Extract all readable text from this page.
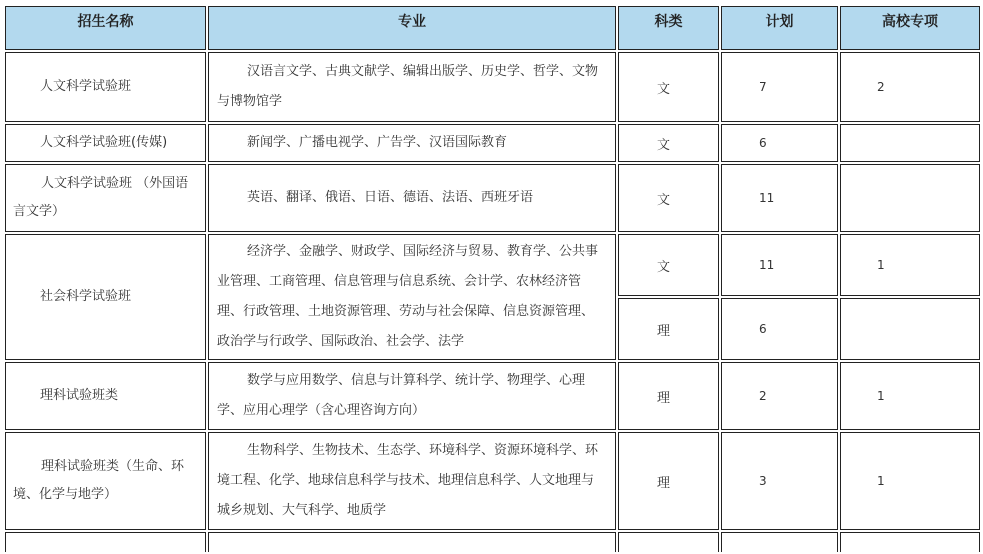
招生名称	专业	科类	计划	高校专项
人文科学试验班	汉语言文学、古典文献学、编辑出版学、历史学、哲学、文物与博物馆学	文	7	2
人文科学试验班(传媒)	新闻学、广播电视学、广告学、汉语国际教育	文	6	
人文科学试验班 （外国语言文学）	英语、翻译、俄语、日语、德语、法语、西班牙语	文	11	
社会科学试验班	经济学、金融学、财政学、国际经济与贸易、教育学、公共事业管理、工商管理、信息管理与信息系统、会计学、农林经济管理、行政管理、土地资源管理、劳动与社会保障、信息资源管理、政治学与行政学、国际政治、社会学、法学	文	11	1
		理	6	
理科试验班类	数学与应用数学、信息与计算科学、统计学、物理学、心理学、应用心理学（含心理咨询方向）	理	2	1
理科试验班类（生命、环境、化学与地学）	生物科学、生物技术、生态学、环境科学、资源环境科学、环境工程、化学、地球信息科学与技术、地理信息科学、人文地理与城乡规划、大气科学、地质学	理	3	1
